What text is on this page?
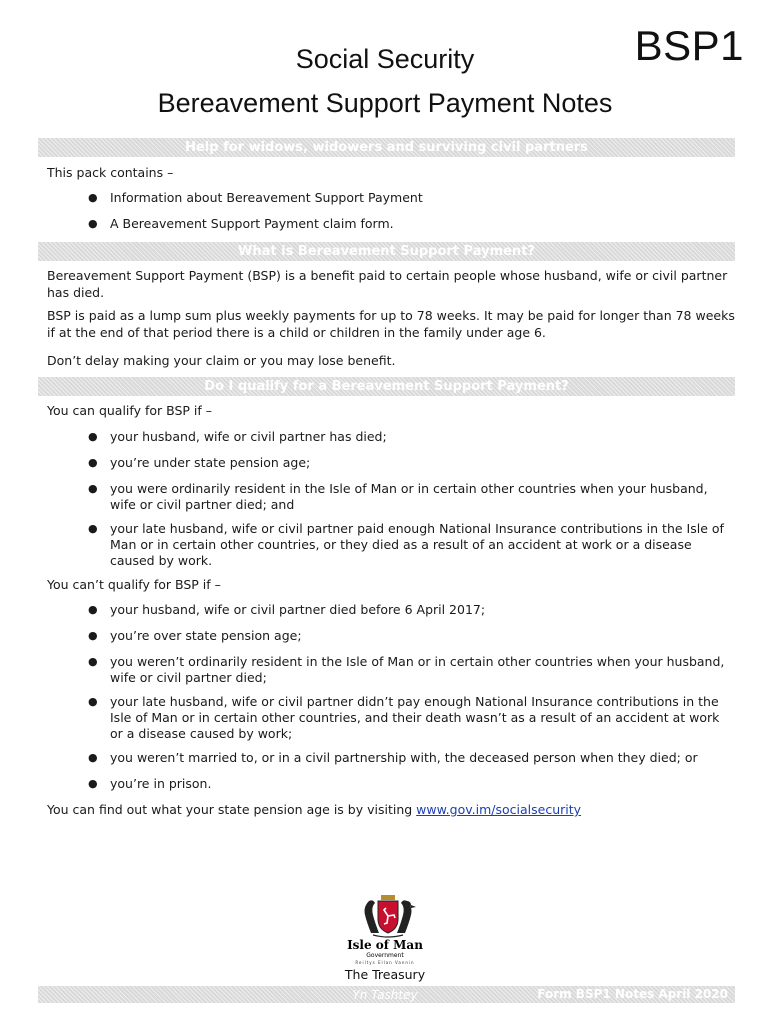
BSP1
Social Security
Bereavement Support Payment Notes
Help for widows, widowers and surviving civil partners
This pack contains –
● Information about Bereavement Support Payment
● A Bereavement Support Payment claim form.
What is Bereavement Support Payment?
Bereavement Support Payment (BSP) is a benefit paid to certain people whose husband, wife or civil partner has died.
BSP is paid as a lump sum plus weekly payments for up to 78 weeks. It may be paid for longer than 78 weeks if at the end of that period there is a child or children in the family under age 6.
Don’t delay making your claim or you may lose benefit.
Do I qualify for a Bereavement Support Payment?
You can qualify for BSP if –
● your husband, wife or civil partner has died;
● you’re under state pension age;
● you were ordinarily resident in the Isle of Man or in certain other countries when your husband, wife or civil partner died; and
● your late husband, wife or civil partner paid enough National Insurance contributions in the Isle of Man or in certain other countries, or they died as a result of an accident at work or a disease caused by work.
You can’t qualify for BSP if –
● your husband, wife or civil partner died before 6 April 2017;
● you’re over state pension age;
● you weren’t ordinarily resident in the Isle of Man or in certain other countries when your husband, wife or civil partner died;
● your late husband, wife or civil partner didn’t pay enough National Insurance contributions in the Isle of Man or in certain other countries, and their death wasn’t as a result of an accident at work or a disease caused by work;
● you weren’t married to, or in a civil partnership with, the deceased person when they died; or
● you’re in prison.
You can find out what your state pension age is by visiting www.gov.im/socialsecurity
Isle of Man
Government
Reiltys Ellan Vannin
The Treasury
Yn Tashtey	Form BSP1 Notes April 2020
